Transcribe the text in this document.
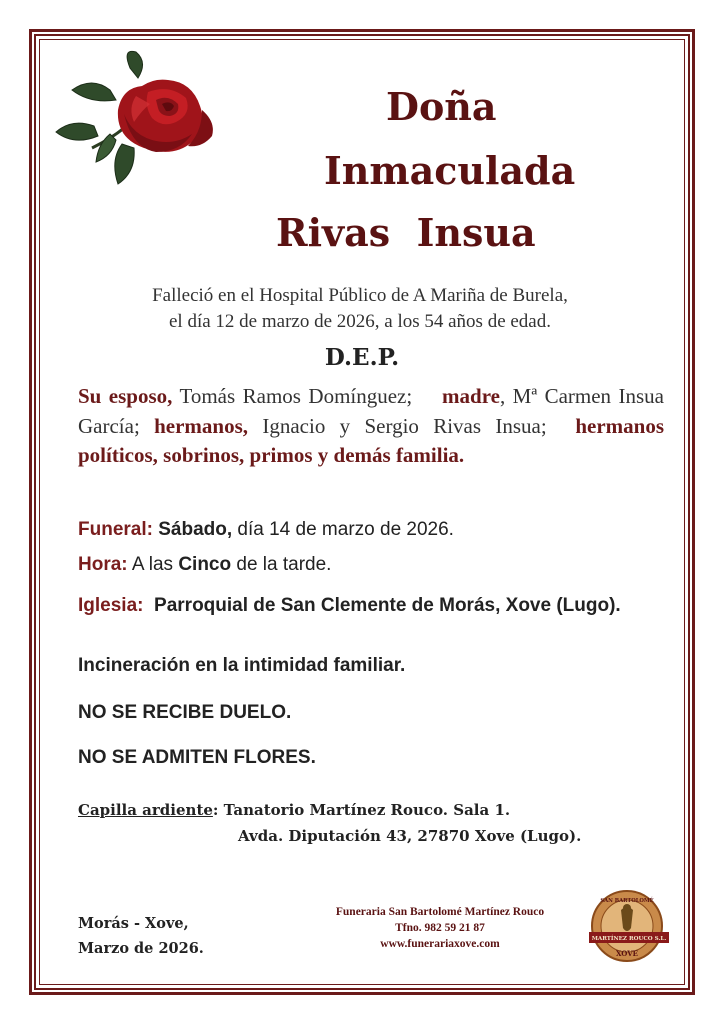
Doña
Inmaculada
Rivas  Insua
Falleció en el Hospital Público de A Mariña de Burela,
el día 12 de marzo de 2026, a los 54 años de edad.
D.E.P.
Su esposo, Tomás Ramos Domínguez;    madre, Mª Carmen Insua García; hermanos, Ignacio y Sergio Rivas Insua;  hermanos políticos, sobrinos, primos y demás familia.
Funeral: Sábado, día 14 de marzo de 2026.
Hora: A las Cinco de la tarde.
Iglesia:  Parroquial de San Clemente de Morás, Xove (Lugo).
Incineración en la intimidad familiar.
NO SE RECIBE DUELO.
NO SE ADMITEN FLORES.
Capilla ardiente: Tanatorio Martínez Rouco. Sala 1.
Avda. Diputación 43, 27870 Xove (Lugo).
Morás - Xove,
Marzo de 2026.
Funeraria San Bartolomé Martínez Rouco
Tfno. 982 59 21 87
www.funerariaxove.com
SAN BARTOLOMÉ
MARTÍNEZ ROUCO S.L.
XOVE
